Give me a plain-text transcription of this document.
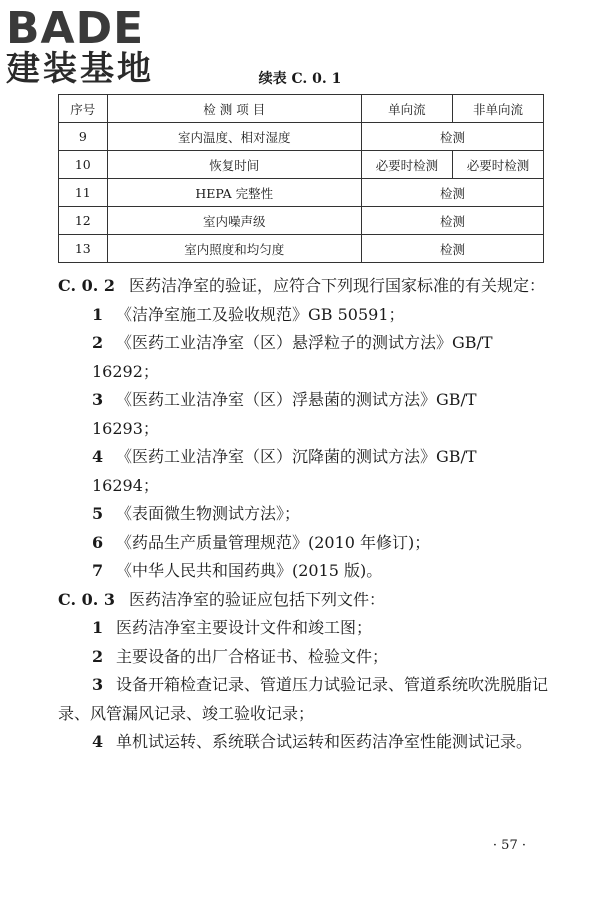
BADE
建装基地	续表 C. 0. 1
序号	检 测 项 目	单向流	非单向流
9	室内温度、相对湿度	检测	
10	恢复时间	必要时检测	必要时检测
11	HEPA 完整性	检测	
12	室内噪声级	检测	
13	室内照度和均匀度	检测	
C. 0. 2 医药洁净室的验证，应符合下列现行国家标准的有关规定：
1 《洁净室施工及验收规范》GB 50591；
2 《医药工业洁净室（区）悬浮粒子的测试方法》GB/T 16292；
3 《医药工业洁净室（区）浮悬菌的测试方法》GB/T 16293；
4 《医药工业洁净室（区）沉降菌的测试方法》GB/T 16294；
5 《表面微生物测试方法》；
6 《药品生产质量管理规范》(2010 年修订)；
7 《中华人民共和国药典》(2015 版)。
C. 0. 3 医药洁净室的验证应包括下列文件：
1 医药洁净室主要设计文件和竣工图；
2 主要设备的出厂合格证书、检验文件；
3 设备开箱检查记录、管道压力试验记录、管道系统吹洗脱脂记录、风管漏风记录、竣工验收记录；
4 单机试运转、系统联合试运转和医药洁净室性能测试记录。
· 57 ·
